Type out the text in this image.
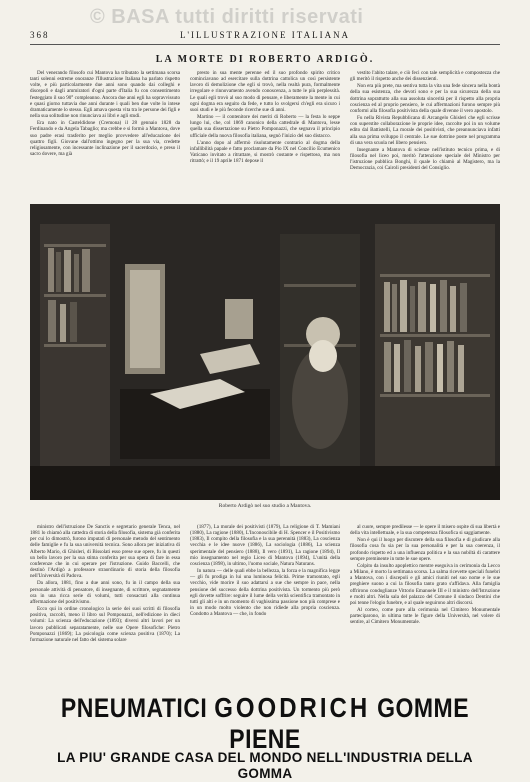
© BASA tutti diritti riservati
368	L'ILLUSTRAZIONE ITALIANA
LA MORTE DI ROBERTO ARDIGÒ.

Del venerando filosofo cui Mantova ha tributato la settimana scorsa tanti solenni estreme onoranze l'Illustrazione Italiana ha parlato rispetto volte, e più particolarmente due anni sono quando dai colleghi e discepoli e dagli ammiratori d'ogni parte d'Italia fu con consentimento festeggiato il suo 90° compleanno. Ancora due anni egli ha sopravvissuto e quasi giorno tuttavia due anni durante i quali ben due volte lo intese dramaticamente lo stesso. Egli amava questa vita tra le persone dei figli e nella sua solitudine non rinunciava ai libri e agli studi.

Era nato in Casteldidone (Cremona) il 28 gennaio 1828 da Ferdinando e da Angela Tabaglio; ma crebbe e si formò a Mantova, dove suo padre erasi trasferito per meglio provvedere all'educazione dei quattro figli. Giovane dall'ottimo ingegno per la sua via, credette religiosamente, con incessante inclinazione per il sacerdozio, e preso il sacro dovere, ma già

presto in sua mente perenne ed il suo profondo spirito critico cominciavano ad esercitare sulla dottrina cattolica un così persistente lavoro di demolizione che egli si trovò, nella realtà pura, formalmente irregolare e rinnovamento avendo conoscenza, a tutte le più perplessità. Le quali egli trovò al suo modo di pensare, e liberamente la mente in cui ogni dogma era seguito da fede, e tutto lo svolgersi ch'egli era sicuro i suoi studi e le più feconde ricerche sue di anni.

Martino — il contenitore dei meriti di Roberto — la festa lo seppe lungo lui, che, col 1869 canonico della cattedrale di Mantova, lesse quella sua dissertazione su Pietro Pomponazzi, che segnava il principio ufficiale della nuova filosofia italiana, segnò l'inizio del suo distacco.

L'anno dopo al affermò risolutamente contrario al dogma della infallibilità papale e fatto proclamare da Pio IX nel Concilio Ecumenico Vaticano invitato a ritrattare, si mostrò costante e rispettoso, ma non ritrattò; e il 19 aprile 1871 depose il

vestito l'abito talare, e ciò feci con tale semplicità e compostezza che gli meritò il rispetto anche dei dissenzienti.

Non era più prete, ma sentiva tutta la vita una fede sincera nella bontà della sua esistenza, che devoti sono e per la sua sicurezza della sua dottrina soprattutto alla sua assoluta sincerità per il rispetto alla propria coscienza ed al proprio pensiero, le cui affermazioni furono sempre più conformi alla filosofia positivista della quale divenne il vero apostolo.

Fu nella Rivista Repubblicana di Arcangelo Ghisleri che egli scrisse con superstite collaborazione le proprie idee, raccolte poi in un volume edito dal Battistelli, La morale dei positivisti, che preannunciava infatti alla sua prima sviluppo il centrale. Le sue dottrine poste nel programma di una vera scuola nel libero pensiero.

Insegnante a Mantova di scienze nell'istituto tecnico prima, e di filosofia nel liceo poi, meritò l'attenzione speciale del Ministro per l'istruzione pubblica Bonghi, il quale lo chiamò al Magistero, ma la Democrazia, coi Cairoli presidenti del Consiglio.

Roberto Ardigò nel suo studio a Mantova.

ministro dell'istruzione De Sanctis e segretario generale Tenca, nel 1881 lo chiamò alla cattedra di storia della filosofia, sistema già conferita per cui lo dimostrò, furono imputati di personale metodo del sentimento delle famiglie e fu la sua università tecnica. Sono allora per iniziativa di Alberto Mario, di Ghisleri, di Bissolati esso prese sue opere, fu in questi un bello lavoro per la sua stima conferita per sua opera di fare in essa conferenze che in cui operare per l'istruzione. Guido Baccelli, che destinò l'Ardigò a professore straordinario di storia della filosofia nell'Università di Padova.

Da allora, 1881, fino a due anni sono, fu in il campo della sua personale attività di pensatore, di insegnante, di scrittore, segnatamente ora in una ricca serie di volumi, tutti consacrati alla continua affermazione del positivismo.

Ecco qui in ordine cronologico la serie dei suoi scritti di filosofia positiva, raccolti, meno il libro sul Pomponazzi, nell'edizione in dieci volumi: La scienza dell'educazione (1893); diversi altri lavori per un lavoro pubblicati separatamente, nelle sue Opere filosofiche: Pietro Pomponazzi (1869); La psicologia come scienza positiva (1870); La formazione naturale nel fatto del sistema solare

(1877), La morale dei positivisti (1879), La religione di T. Mamiani (1880), La ragione (1880), L'Inconoscibile di H. Spencer e il Positivismo (1883), Il compito della filosofia e la sua perennità (1883), La coscienza vecchia e le idee nuove (1886), La sociologia (1886), La scienza sperimentale del pensiero (1888), Il vero (1891), La ragione (1894), Il mio insegnamento nel regio Liceo di Mantova (1894), L'unità della coscienza (1898), in ultimo, l'uomo sociale, Natura Naturans.

In natura — delle quali ebbe la bellezza, la forza e la magnifica legge — gli fu prodiga in lui una luminosa felicità. Prime tramontato, egli vecchio, vide morire il suo adattarsi a sue che sempre in pace, nella pensione del successo della dottrina positivista. Un tormento più però egli dovette soffrire: seguire il lume della verità scientifica tramontato in tutti gli alti e in un momento di vaghissima passione non più comprese e in un modo molto violento che non ridiede alla propria coscienza. Condotto a Mantova — che, in fondo

al cuore, sempre predilesse — le opere il misero ospite di sua libertà e della vita intellettuale, e la sua competenza filosofica si saggiamente.

Non è qui il luogo per discutere della sua filosofia e di giudicare alla filosofia cosa fu sia per la sua personalità e per la sua coerenza, il profondo rispetto ed a una influenza politica e la sua nobiltà di carattere sempre preminente in tutte le sue opere.

Colpito da insulto apoplettico mentre eseguiva in cerimonia da Lecco a Milano, è morto la settimana scorsa. La salma ricevette speciali funebri a Mantova, con i discepoli e gli amici riuniti nel suo nome e le sue preghiere suono a cui la filosofia tanto grato s'affidava. Alla famiglia offrirono condoglianze Vittorio Emanuele III e il ministro dell'Istruzione e molti altri. Nella sala del palazzo del Comune il sindaco Dentini che poi tenne l'elogio funebre, e al quale seguirono altri discorsi.

Al corteo, come pure alla cerimonia nel Cimitero Monumentale parteciparono, in ultima tutte le figure della Università, nel volere di sentire, al Cimitero Monumentale.

PNEUMATICI GOODRICH GOMME PIENE
LA PIU' GRANDE CASA DEL MONDO NELL'INDUSTRIA DELLA GOMMA
